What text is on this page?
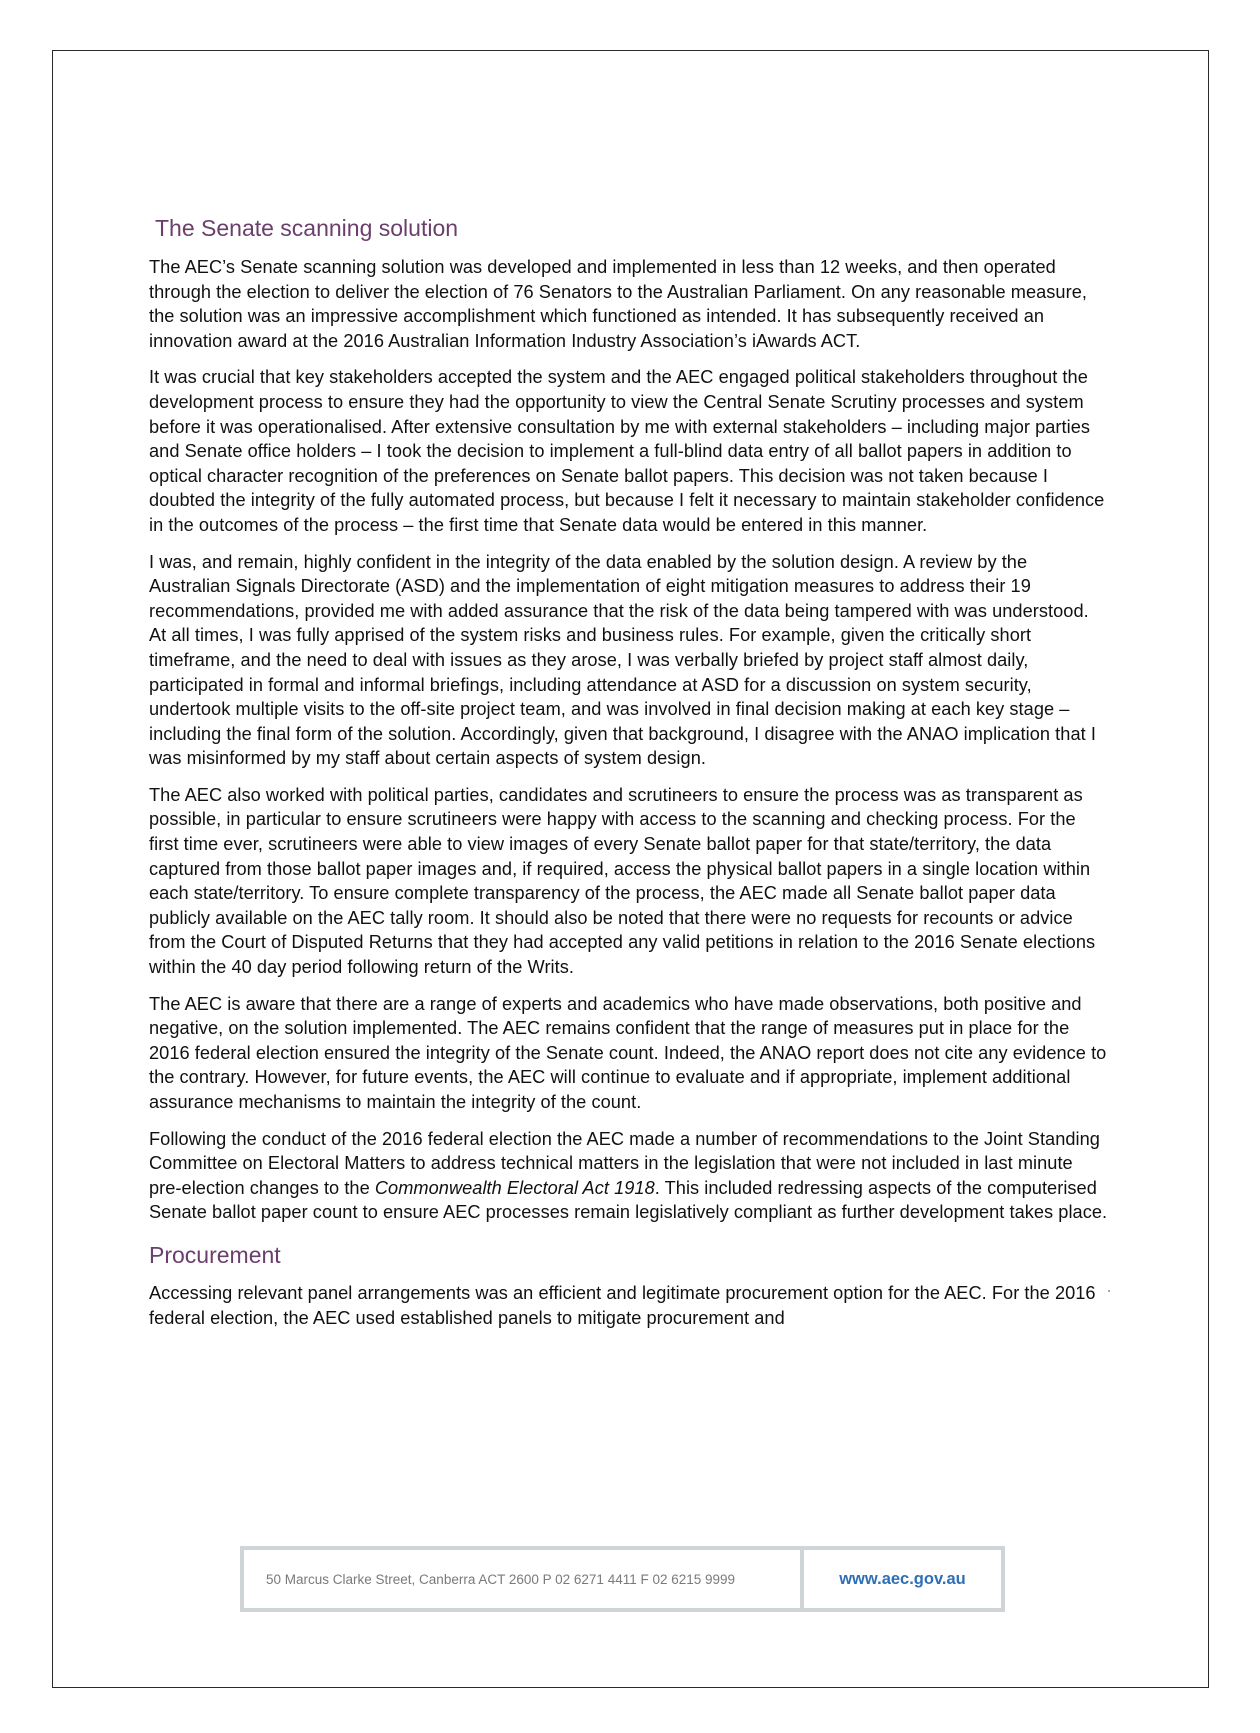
The Senate scanning solution

The AEC’s Senate scanning solution was developed and implemented in less than 12 weeks, and then operated through the election to deliver the election of 76 Senators to the Australian Parliament. On any reasonable measure, the solution was an impressive accomplishment which functioned as intended. It has subsequently received an innovation award at the 2016 Australian Information Industry Association’s iAwards ACT.

It was crucial that key stakeholders accepted the system and the AEC engaged political stakeholders throughout the development process to ensure they had the opportunity to view the Central Senate Scrutiny processes and system before it was operationalised. After extensive consultation by me with external stakeholders – including major parties and Senate office holders – I took the decision to implement a full-blind data entry of all ballot papers in addition to optical character recognition of the preferences on Senate ballot papers. This decision was not taken because I doubted the integrity of the fully automated process, but because I felt it necessary to maintain stakeholder confidence in the outcomes of the process – the first time that Senate data would be entered in this manner.

I was, and remain, highly confident in the integrity of the data enabled by the solution design. A review by the Australian Signals Directorate (ASD) and the implementation of eight mitigation measures to address their 19 recommendations, provided me with added assurance that the risk of the data being tampered with was understood. At all times, I was fully apprised of the system risks and business rules. For example, given the critically short timeframe, and the need to deal with issues as they arose, I was verbally briefed by project staff almost daily, participated in formal and informal briefings, including attendance at ASD for a discussion on system security, undertook multiple visits to the off-site project team, and was involved in final decision making at each key stage – including the final form of the solution. Accordingly, given that background, I disagree with the ANAO implication that I was misinformed by my staff about certain aspects of system design.

The AEC also worked with political parties, candidates and scrutineers to ensure the process was as transparent as possible, in particular to ensure scrutineers were happy with access to the scanning and checking process. For the first time ever, scrutineers were able to view images of every Senate ballot paper for that state/territory, the data captured from those ballot paper images and, if required, access the physical ballot papers in a single location within each state/territory. To ensure complete transparency of the process, the AEC made all Senate ballot paper data publicly available on the AEC tally room. It should also be noted that there were no requests for recounts or advice from the Court of Disputed Returns that they had accepted any valid petitions in relation to the 2016 Senate elections within the 40 day period following return of the Writs.

The AEC is aware that there are a range of experts and academics who have made observations, both positive and negative, on the solution implemented. The AEC remains confident that the range of measures put in place for the 2016 federal election ensured the integrity of the Senate count. Indeed, the ANAO report does not cite any evidence to the contrary. However, for future events, the AEC will continue to evaluate and if appropriate, implement additional assurance mechanisms to maintain the integrity of the count.

Following the conduct of the 2016 federal election the AEC made a number of recommendations to the Joint Standing Committee on Electoral Matters to address technical matters in the legislation that were not included in last minute pre-election changes to the Commonwealth Electoral Act 1918. This included redressing aspects of the computerised Senate ballot paper count to ensure AEC processes remain legislatively compliant as further development takes place.

Procurement

Accessing relevant panel arrangements was an efficient and legitimate procurement option for the AEC. For the 2016 federal election, the AEC used established panels to mitigate procurement and

50 Marcus Clarke Street, Canberra ACT 2600 P 02 6271 4411 F 02 6215 9999	www.aec.gov.au
